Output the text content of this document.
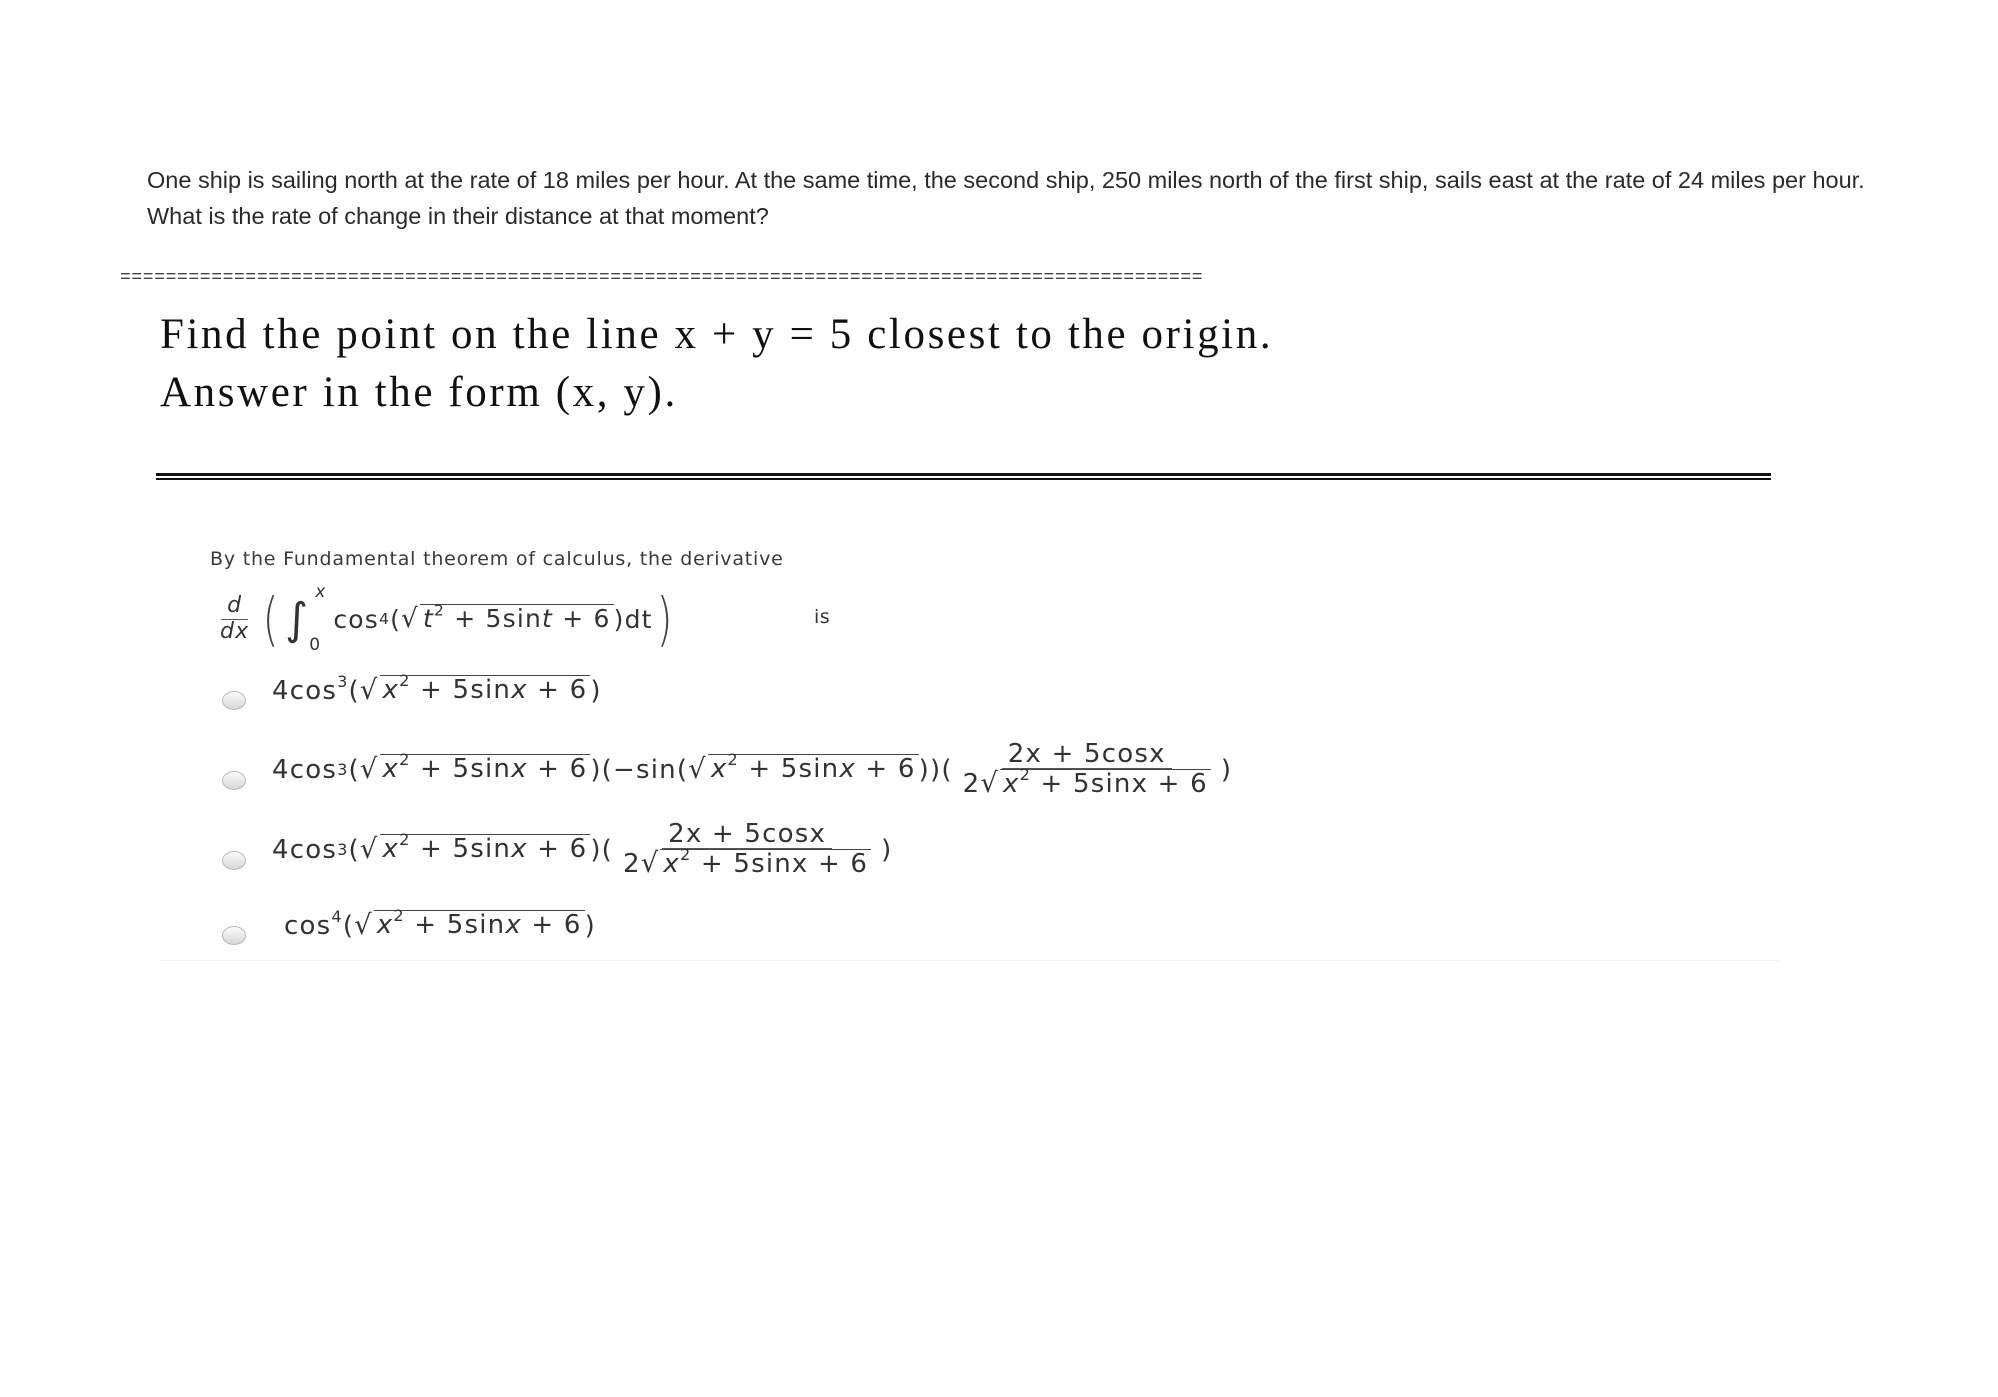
One ship is sailing north at the rate of 18 miles per hour. At the same time, the second ship, 250 miles north of the first ship, sails east at the rate of 24 miles per hour. What is the rate of change in their distance at that moment?

===============================================================================================
Find the point on the line x + y = 5 closest to the origin.
Answer in the form (x, y).
By the Fundamental theorem of calculus, the derivative
$\frac{d}{dx}$ ( ∫
x
0
cos 4 ( √ $t^2 + 5\sin t + 6$ ) dt )	is
$4\cos^3$( √ $x^2 + 5\sin x + 6$ )
4cos 3 ( √ $x^2 + 5\sin x + 6$ ) (−sin( √ $x^2 + 5\sin x + 6$ ))( $\frac{2x + 5\cos x}{2 √ x^2 + 5\sin x + 6}$ )
4cos 3 ( √ $x^2 + 5\sin x + 6$ )( $\frac{2x + 5\cos x}{2 √ x^2 + 5\sin x + 6}$ )
$\cos^4$( √ $x^2 + 5\sin x + 6$ )
